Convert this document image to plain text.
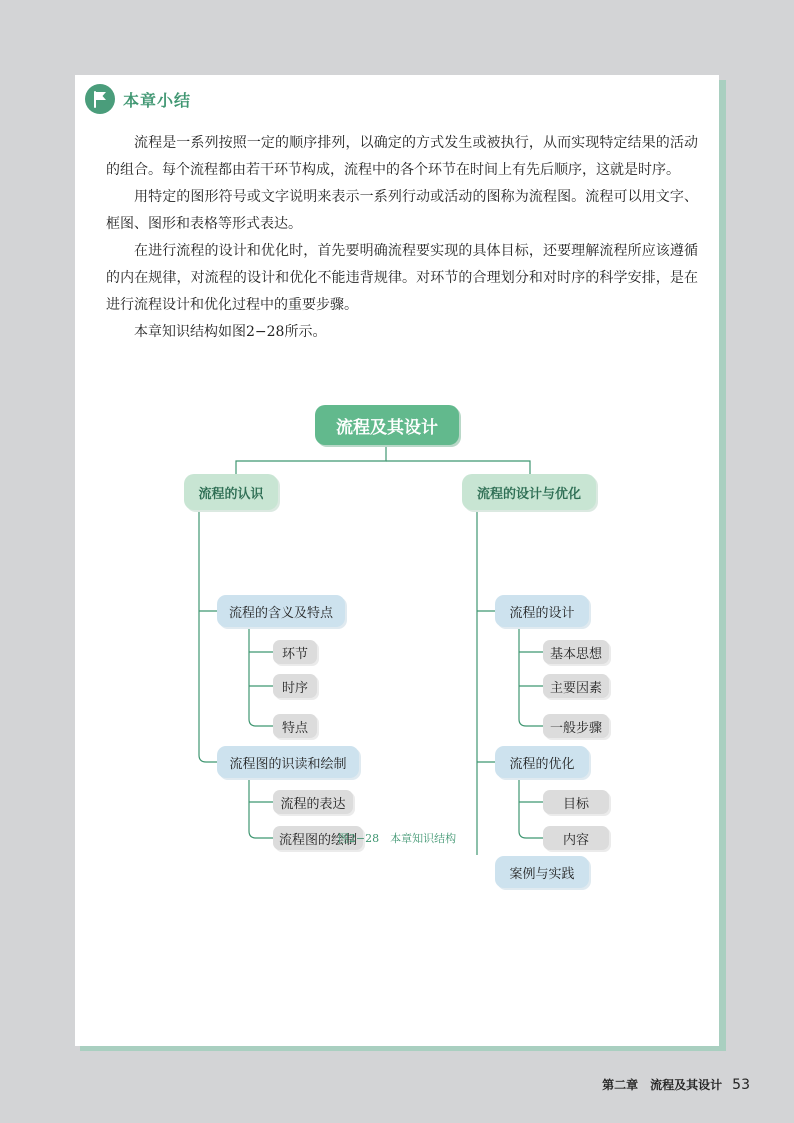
本章小结

流程是一系列按照一定的顺序排列，以确定的方式发生或被执行，从而实现特定结果的活动的组合。每个流程都由若干环节构成，流程中的各个环节在时间上有先后顺序，这就是时序。

用特定的图形符号或文字说明来表示一系列行动或活动的图称为流程图。流程可以用文字、框图、图形和表格等形式表达。

在进行流程的设计和优化时，首先要明确流程要实现的具体目标，还要理解流程所应该遵循的内在规律，对流程的设计和优化不能违背规律。对环节的合理划分和对时序的科学安排，是在进行流程设计和优化过程中的重要步骤。

本章知识结构如图2−28所示。

流程及其设计
流程的认识	流程的设计与优化
流程的含义及特点
环节
时序
特点
流程图的识读和绘制
流程的表达
流程图的绘制
流程的设计
基本思想
主要因素
一般步骤
流程的优化
目标
内容
案例与实践
图2−28　本章知识结构
第二章　流程及其设计 53
